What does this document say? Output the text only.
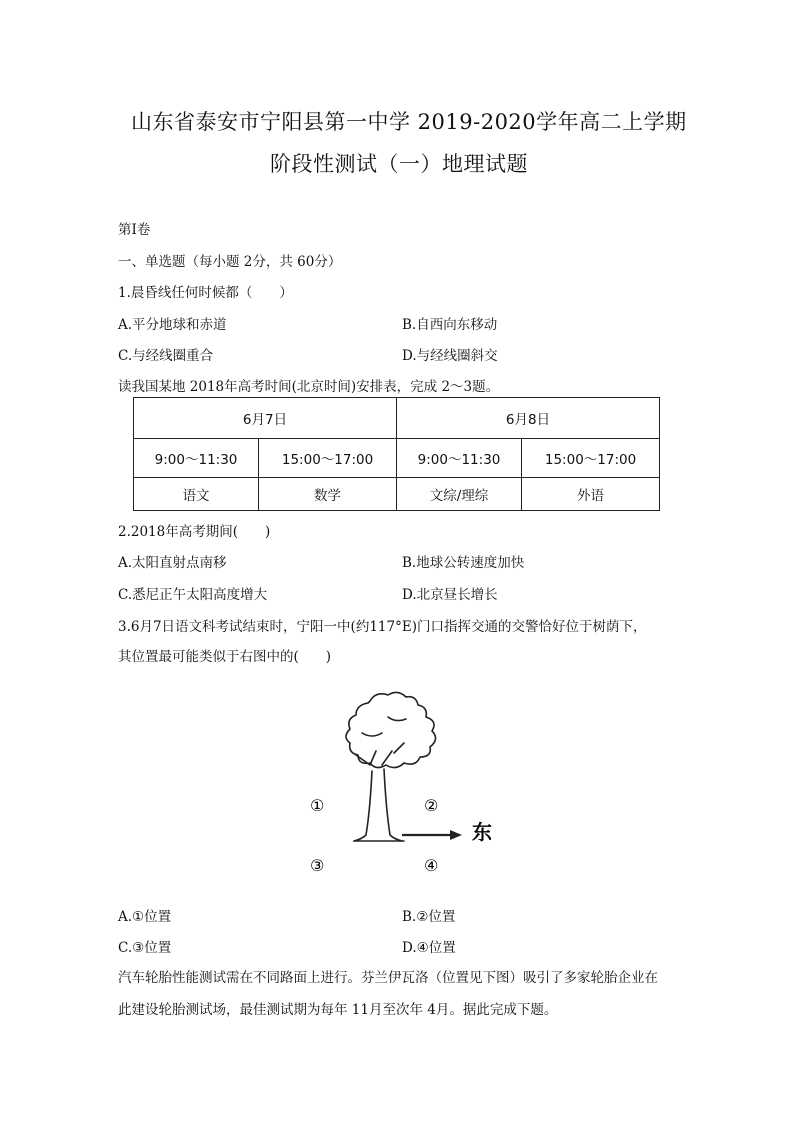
山东省泰安市宁阳县第一中学 2019-2020学年高二上学期
阶段性测试（一）地理试题
第Ⅰ卷
一、单选题（每小题 2分，共 60分）
1.晨昏线任何时候都（　　）
A.平分地球和赤道	B.自西向东移动
C.与经线圈重合	D.与经线圈斜交
读我国某地 2018年高考时间(北京时间)安排表，完成 2～3题。
6月7日		6月8日	
9:00～11:30	15:00～17:00	9:00～11:30	15:00～17:00
语文	数学	文综/理综	外语
2.2018年高考期间(　　)
A.太阳直射点南移	B.地球公转速度加快
C.悉尼正午太阳高度增大	D.北京昼长增长
3.6月7日语文科考试结束时，宁阳一中(约117°E)门口指挥交通的交警恰好位于树荫下，
其位置最可能类似于右图中的(　　)
①	②
③	④
东
A.①位置	B.②位置
C.③位置	D.④位置
汽车轮胎性能测试需在不同路面上进行。芬兰伊瓦洛（位置见下图）吸引了多家轮胎企业在
此建设轮胎测试场，最佳测试期为每年 11月至次年 4月。据此完成下题。
